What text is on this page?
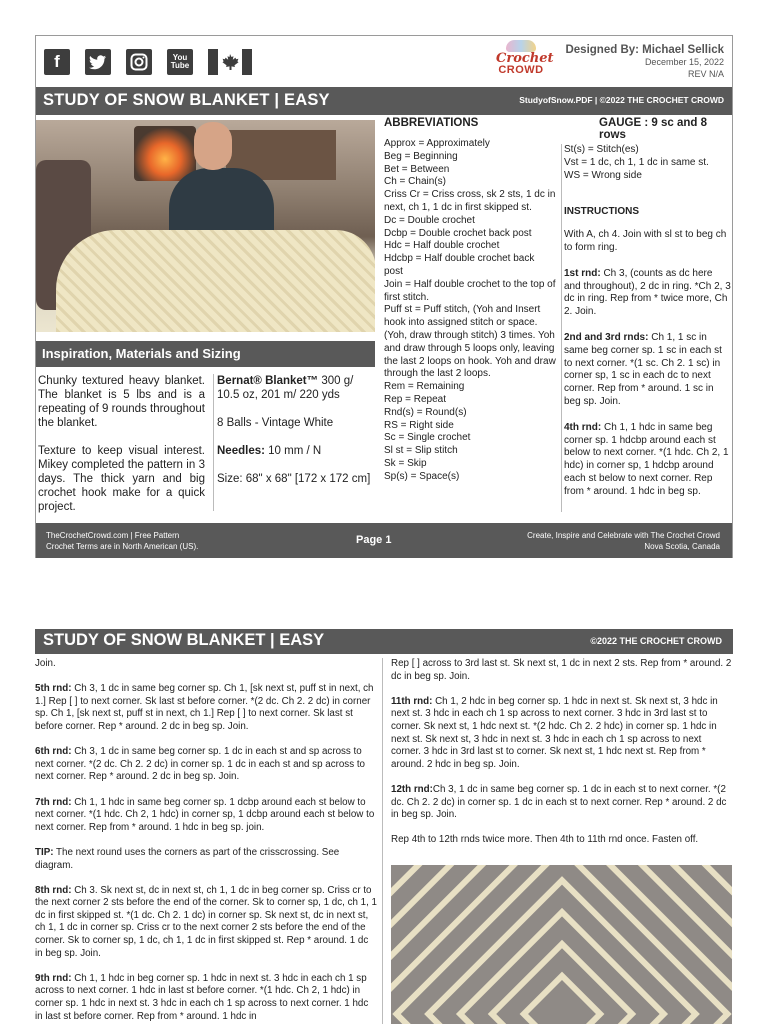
f	You
Tube	Crochet
CROWD
Designed By: Michael Sellick
December 15, 2022
REV N/A
STUDY OF SNOW BLANKET | EASY	StudyofSnow.PDF | ©2022 THE CROCHET CROWD
Inspiration, Materials and Sizing

Chunky textured heavy blanket. The blanket is 5 lbs and is a repeating of 9 rounds throughout the blanket.

Texture to keep visual interest. Mikey completed the pattern in 3 days. The thick yarn and big crochet hook make for a quick project.

Bernat® Blanket™ 300 g/ 10.5 oz, 201 m/ 220 yds

8 Balls - Vintage White

Needles: 10 mm / N

Size: 68" x 68" [172 x 172 cm]

ABBREVIATIONS	GAUGE : 9 sc and 8 rows
Approx = Approximately
Beg = Beginning
Bet = Between
Ch = Chain(s)
Criss Cr = Criss cross, sk 2 sts, 1 dc in next, ch 1, 1 dc in first skipped st.
Dc = Double crochet
Dcbp = Double crochet back post
Hdc = Half double crochet
Hdcbp = Half double crochet back post
Join = Half double crochet to the top of first stitch.
Puff st = Puff stitch, (Yoh and Insert hook into assigned stitch or space. (Yoh, draw through stitch) 3 times. Yoh and draw through 5 loops only, leaving the last 2 loops on hook. Yoh and draw through the last 2 loops.
Rem = Remaining
Rep = Repeat
Rnd(s) = Round(s)
RS = Right side
Sc = Single crochet
Sl st = Slip stitch
Sk = Skip
Sp(s) = Space(s)
St(s) = Stitch(es)
Vst = 1 dc, ch 1, 1 dc in same st.
WS = Wrong side
INSTRUCTIONS

With A, ch 4. Join with sl st to beg ch to form ring.

1st rnd: Ch 3, (counts as dc here and throughout), 2 dc in ring. *Ch 2, 3 dc in ring. Rep from * twice more, Ch 2. Join.

2nd and 3rd rnds: Ch 1, 1 sc in same beg corner sp. 1 sc in each st to next corner. *(1 sc. Ch 2. 1 sc) in corner sp, 1 sc in each dc to next corner. Rep from * around. 1 sc in beg sp. Join.

4th rnd: Ch 1, 1 hdc in same beg corner sp. 1 hdcbp around each st below to next corner. *(1 hdc. Ch 2, 1 hdc) in corner sp, 1 hdcbp around each st below to next corner. Rep from * around. 1 hdc in beg sp.

TheCrochetCrowd.com | Free Pattern
Crochet Terms are in North American (US).
Page 1	Create, Inspire and Celebrate with The Crochet Crowd
Nova Scotia, Canada
STUDY OF SNOW BLANKET | EASY	©2022 THE CROCHET CROWD

Join.

5th rnd: Ch 3, 1 dc in same beg corner sp. Ch 1, [sk next st, puff st in next, ch 1.] Rep [ ] to next corner. Sk last st before corner. *(2 dc. Ch 2. 2 dc) in corner sp. Ch 1, [sk next st, puff st in next, ch 1.] Rep [ ] to next corner. Sk last st before corner. Rep * around. 2 dc in beg sp. Join.

6th rnd: Ch 3, 1 dc in same beg corner sp. 1 dc in each st and sp across to next corner. *(2 dc. Ch 2. 2 dc) in corner sp. 1 dc in each st and sp across to next corner. Rep * around. 2 dc in beg sp. Join.

7th rnd: Ch 1, 1 hdc in same beg corner sp. 1 dcbp around each st below to next corner. *(1 hdc. Ch 2, 1 hdc) in corner sp, 1 dcbp around each st below to next corner. Rep from * around. 1 hdc in beg sp. join.

TIP: The next round uses the corners as part of the crisscrossing. See diagram.

8th rnd: Ch 3. Sk next st, dc in next st, ch 1, 1 dc in beg corner sp. Criss cr to the next corner 2 sts before the end of the corner. Sk to corner sp, 1 dc, ch 1, 1 dc in first skipped st. *(1 dc. Ch 2. 1 dc) in corner sp. Sk next st, dc in next st, ch 1, 1 dc in corner sp. Criss cr to the next corner 2 sts before the end of the corner. Sk to corner sp, 1 dc, ch 1, 1 dc in first skipped st. Rep * around. 1 dc in beg sp. Join.

9th rnd: Ch 1, 1 hdc in beg corner sp. 1 hdc in next st. 3 hdc in each ch 1 sp across to next corner. 1 hdc in last st before corner. *(1 hdc. Ch 2, 1 hdc) in corner sp. 1 hdc in next st. 3 hdc in each ch 1 sp across to next corner. 1 hdc in last st before corner. Rep from * around. 1 hdc in

Rep [ ] across to 3rd last st. Sk next st, 1 dc in next 2 sts. Rep from * around. 2 dc in beg sp. Join.

11th rnd: Ch 1, 2 hdc in beg corner sp. 1 hdc in next st. Sk next st, 3 hdc in next st. 3 hdc in each ch 1 sp across to next corner. 3 hdc in 3rd last st to corner. Sk next st, 1 hdc next st. *(2 hdc. Ch 2. 2 hdc) in corner sp. 1 hdc in next st. Sk next st, 3 hdc in next st. 3 hdc in each ch 1 sp across to next corner. 3 hdc in 3rd last st to corner. Sk next st, 1 hdc next st. Rep from * around. 2 hdc in beg sp. Join.

12th rnd:Ch 3, 1 dc in same beg corner sp. 1 dc in each st to next corner. *(2 dc. Ch 2. 2 dc) in corner sp. 1 dc in each st to next corner. Rep * around. 2 dc in beg sp. Join.

Rep 4th to 12th rnds twice more. Then 4th to 11th rnd once. Fasten off.
